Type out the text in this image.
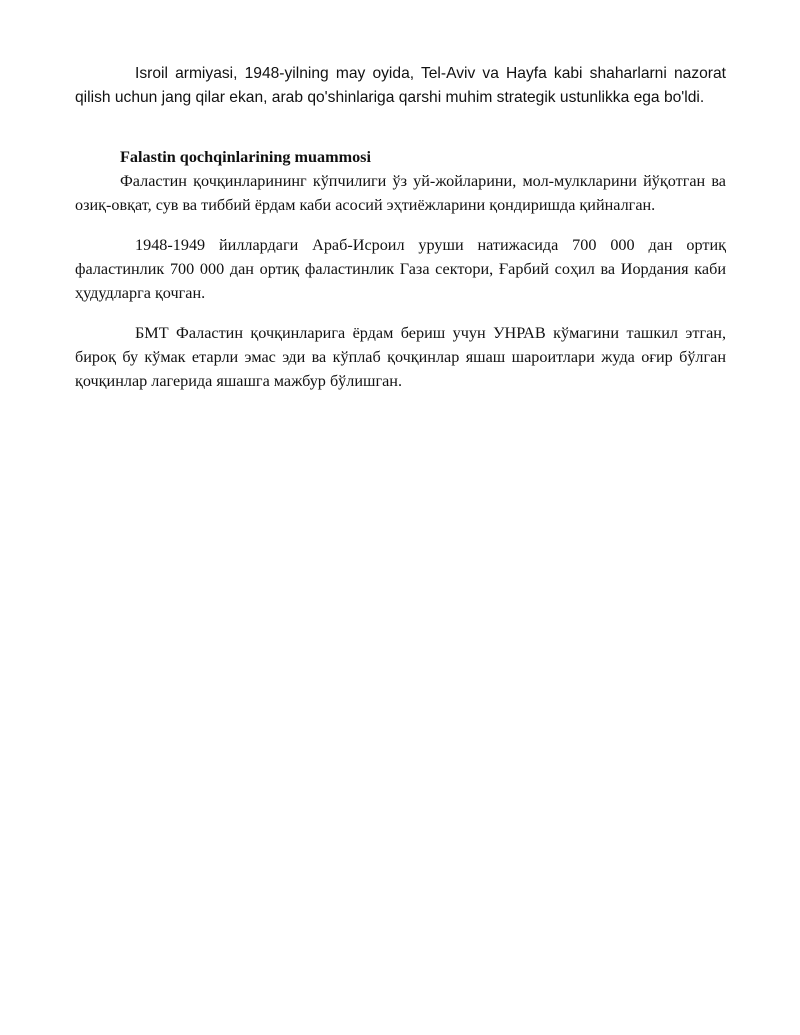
Isroil armiyasi, 1948-yilning may oyida, Tel-Aviv va Hayfa kabi shaharlarni nazorat qilish uchun jang qilar ekan, arab qo'shinlariga qarshi muhim strategik ustunlikka ega bo'ldi.

Falastin qochqinlarining muammosi

Фаластин қочқинларининг кўпчилиги ўз уй-жойларини, мол-мулкларини йўқотган ва озиқ-овқат, сув ва тиббий ёрдам каби асосий эҳтиёжларини қондиришда қийналган.

1948-1949 йиллардаги Араб-Исроил уруши натижасида 700 000 дан ортиқ фаластинлик 700 000 дан ортиқ фаластинлик Газа сектори, Ғарбий соҳил ва Иордания каби ҳудудларга қочган.

БМТ Фаластин қочқинларига ёрдам бериш учун УНРАВ кўмагини ташкил этган, бироқ бу кўмак етарли эмас эди ва кўплаб қочқинлар яшаш шароитлари жуда оғир бўлган қочқинлар лагерида яшашга мажбур бўлишган.
